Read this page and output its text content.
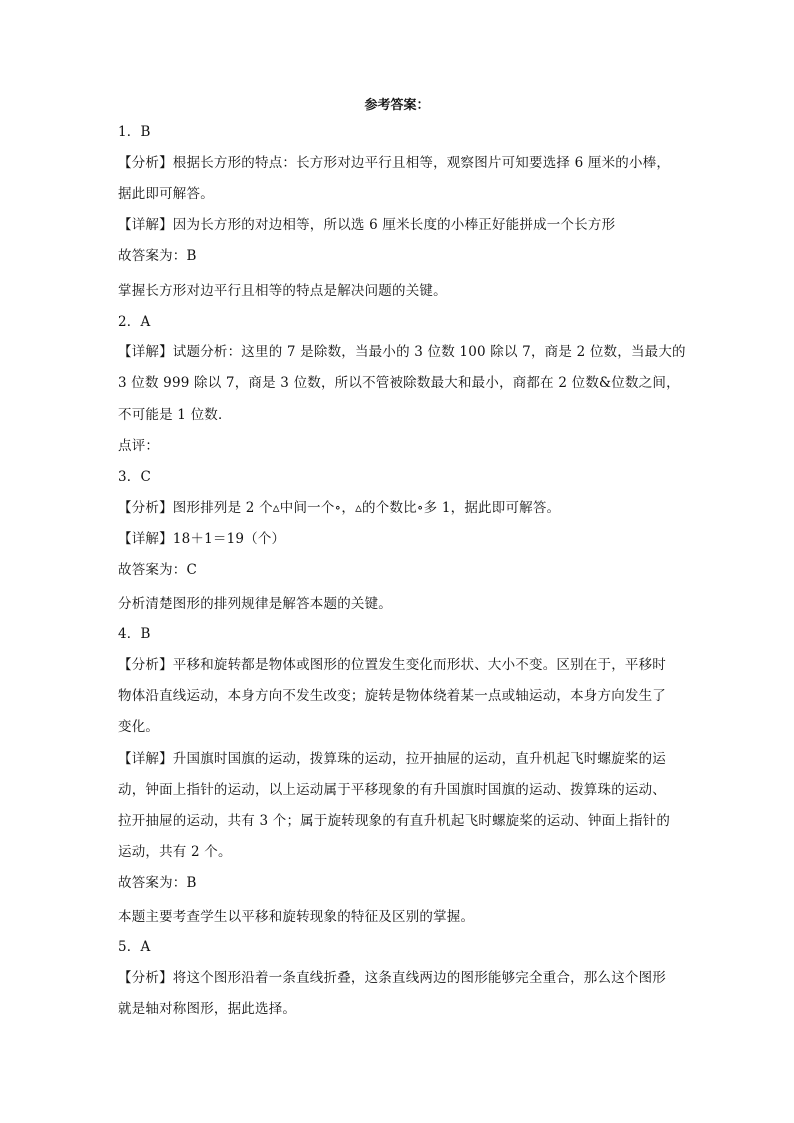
参考答案：
1．B
【分析】根据长方形的特点：长方形对边平行且相等，观察图片可知要选择 6 厘米的小棒，
据此即可解答。
【详解】因为长方形的对边相等，所以选 6 厘米长度的小棒正好能拼成一个长方形
故答案为：B
掌握长方形对边平行且相等的特点是解决问题的关键。
2．A
【详解】试题分析：这里的 7 是除数，当最小的 3 位数 100 除以 7，商是 2 位数，当最大的
3 位数 999 除以 7，商是 3 位数，所以不管被除数最大和最小，商都在 2 位数&位数之间，
不可能是 1 位数．
点评：
3．C
【分析】图形排列是 2 个▵中间一个∘，▵的个数比∘多 1，据此即可解答。
【详解】18＋1＝19（个）
故答案为：C
分析清楚图形的排列规律是解答本题的关键。
4．B
【分析】平移和旋转都是物体或图形的位置发生变化而形状、大小不变。区别在于，平移时
物体沿直线运动，本身方向不发生改变；旋转是物体绕着某一点或轴运动，本身方向发生了
变化。
【详解】升国旗时国旗的运动，拨算珠的运动，拉开抽屉的运动，直升机起飞时螺旋桨的运
动，钟面上指针的运动，以上运动属于平移现象的有升国旗时国旗的运动、拨算珠的运动、
拉开抽屉的运动，共有 3 个；属于旋转现象的有直升机起飞时螺旋桨的运动、钟面上指针的
运动，共有 2 个。
故答案为：B
本题主要考查学生以平移和旋转现象的特征及区别的掌握。
5．A
【分析】将这个图形沿着一条直线折叠，这条直线两边的图形能够完全重合，那么这个图形
就是轴对称图形，据此选择。
